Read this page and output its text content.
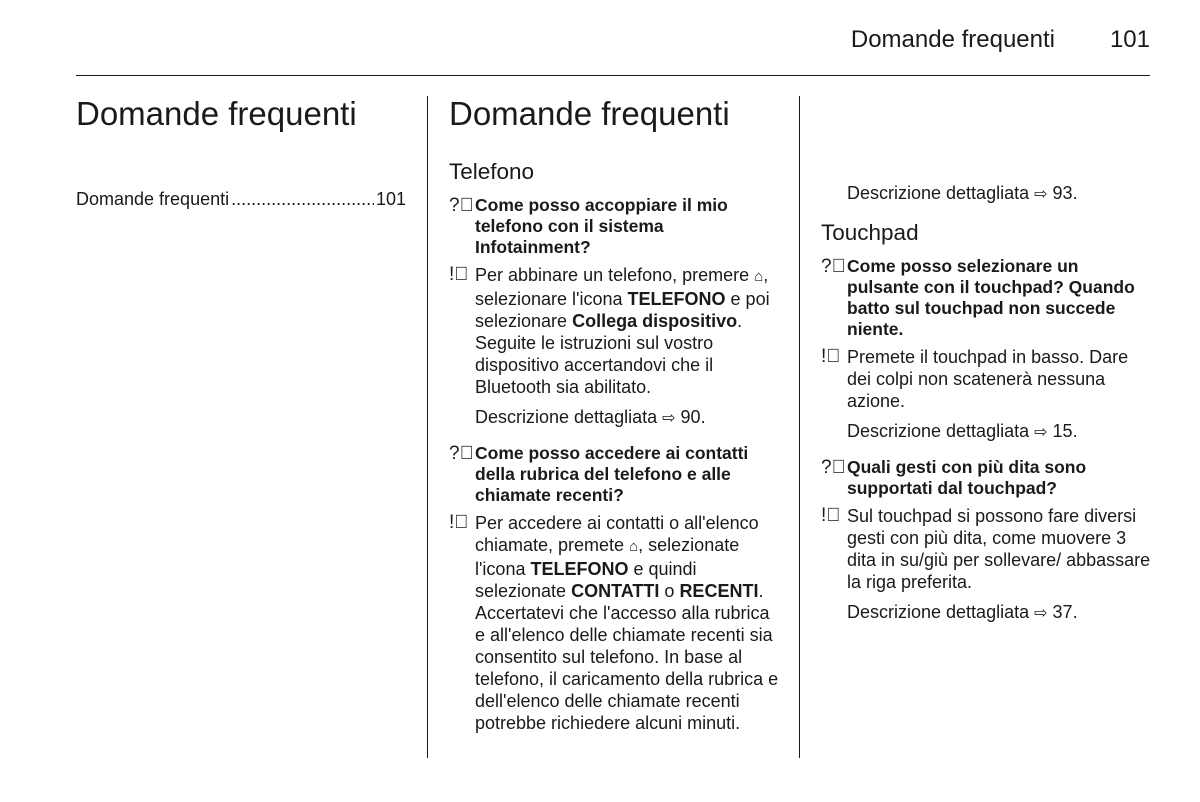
Domande frequenti 101
Domande frequenti
Domande frequenti
.....	101
Domande frequenti
Telefono
?⃝ Come posso accoppiare il mio telefono con il sistema Infotainment?
!⃝ Per abbinare un telefono, premere ⌂, selezionare l'icona TELEFONO e poi selezionare Collega dispositivo. Seguite le istruzioni sul vostro dispositivo accertandovi che il Bluetooth sia abilitato.
Descrizione dettagliata ⇨ 90.
?⃝ Come posso accedere ai contatti della rubrica del telefono e alle chiamate recenti?
!⃝ Per accedere ai contatti o all'elenco chiamate, premete ⌂, selezionate l'icona TELEFONO e quindi selezionate CONTATTI o RECENTI. Accertatevi che l'accesso alla rubrica e all'elenco delle chiamate recenti sia consentito sul telefono. In base al telefono, il caricamento della rubrica e dell'elenco delle chiamate recenti potrebbe richiedere alcuni minuti.
Descrizione dettagliata ⇨ 93.
Touchpad
?⃝ Come posso selezionare un pulsante con il touchpad? Quando batto sul touchpad non succede niente.
!⃝ Premete il touchpad in basso. Dare dei colpi non scatenerà nessuna azione.
Descrizione dettagliata ⇨ 15.
?⃝ Quali gesti con più dita sono supportati dal touchpad?
!⃝ Sul touchpad si possono fare diversi gesti con più dita, come muovere 3 dita in su/giù per sollevare/ abbassare la riga preferita.
Descrizione dettagliata ⇨ 37.
